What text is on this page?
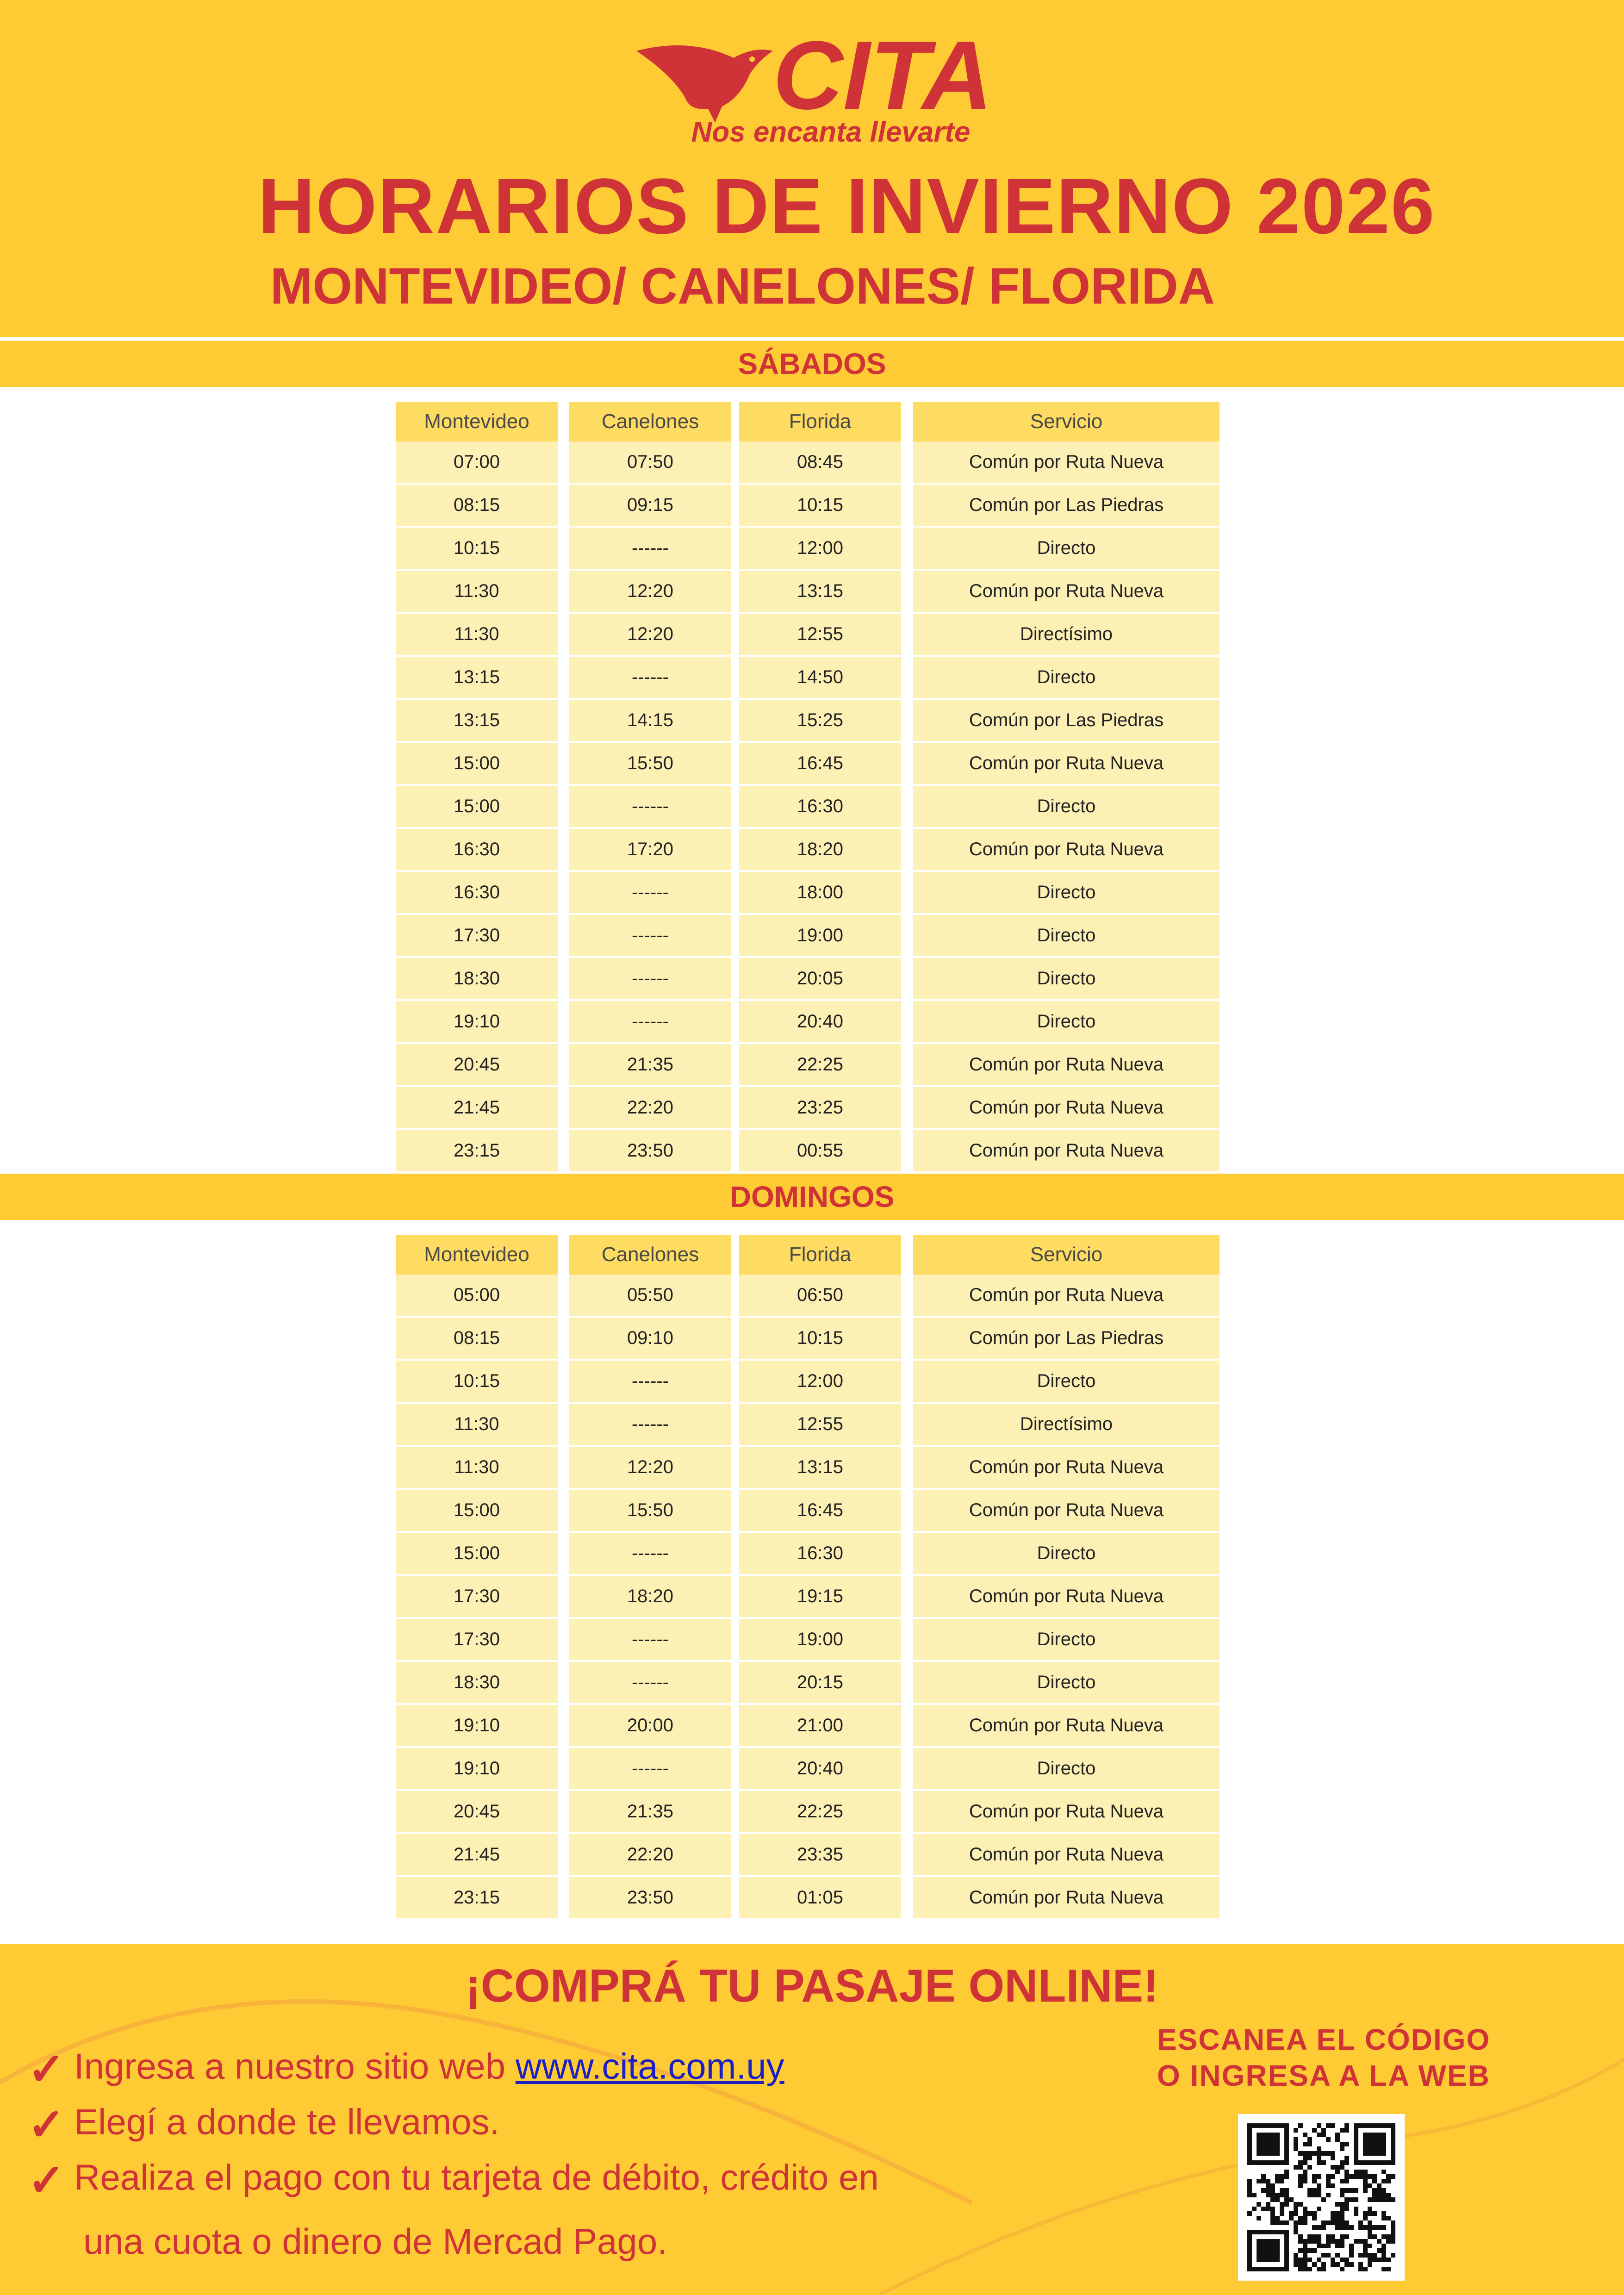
CITA
Nos encanta llevarte
HORARIOS DE INVIERNO 2026
MONTEVIDEO/ CANELONES/ FLORIDA
SÁBADOS
Montevideo
07:00
08:15
10:15
11:30
11:30
13:15
13:15
15:00
15:00
16:30
16:30
17:30
18:30
19:10
20:45
21:45
23:15
Canelones
07:50
09:15
------
12:20
12:20
------
14:15
15:50
------
17:20
------
------
------
------
21:35
22:20
23:50
Florida
08:45
10:15
12:00
13:15
12:55
14:50
15:25
16:45
16:30
18:20
18:00
19:00
20:05
20:40
22:25
23:25
00:55
Servicio
Común por Ruta Nueva
Común por Las Piedras
Directo
Común por Ruta Nueva
Directísimo
Directo
Común por Las Piedras
Común por Ruta Nueva
Directo
Común por Ruta Nueva
Directo
Directo
Directo
Directo
Común por Ruta Nueva
Común por Ruta Nueva
Común por Ruta Nueva
DOMINGOS
Montevideo
05:00
08:15
10:15
11:30
11:30
15:00
15:00
17:30
17:30
18:30
19:10
19:10
20:45
21:45
23:15
Canelones
05:50
09:10
------
------
12:20
15:50
------
18:20
------
------
20:00
------
21:35
22:20
23:50
Florida
06:50
10:15
12:00
12:55
13:15
16:45
16:30
19:15
19:00
20:15
21:00
20:40
22:25
23:35
01:05
Servicio
Común por Ruta Nueva
Común por Las Piedras
Directo
Directísimo
Común por Ruta Nueva
Común por Ruta Nueva
Directo
Común por Ruta Nueva
Directo
Directo
Común por Ruta Nueva
Directo
Común por Ruta Nueva
Común por Ruta Nueva
Común por Ruta Nueva
¡COMPRÁ TU PASAJE ONLINE!
✓ Ingresa a nuestro sitio web www.cita.com.uy
✓ Elegí a donde te llevamos.
✓ Realiza el pago con tu tarjeta de débito, crédito en
una cuota o dinero de Mercad Pago.
ESCANEA EL CÓDIGO
O INGRESA A LA WEB
